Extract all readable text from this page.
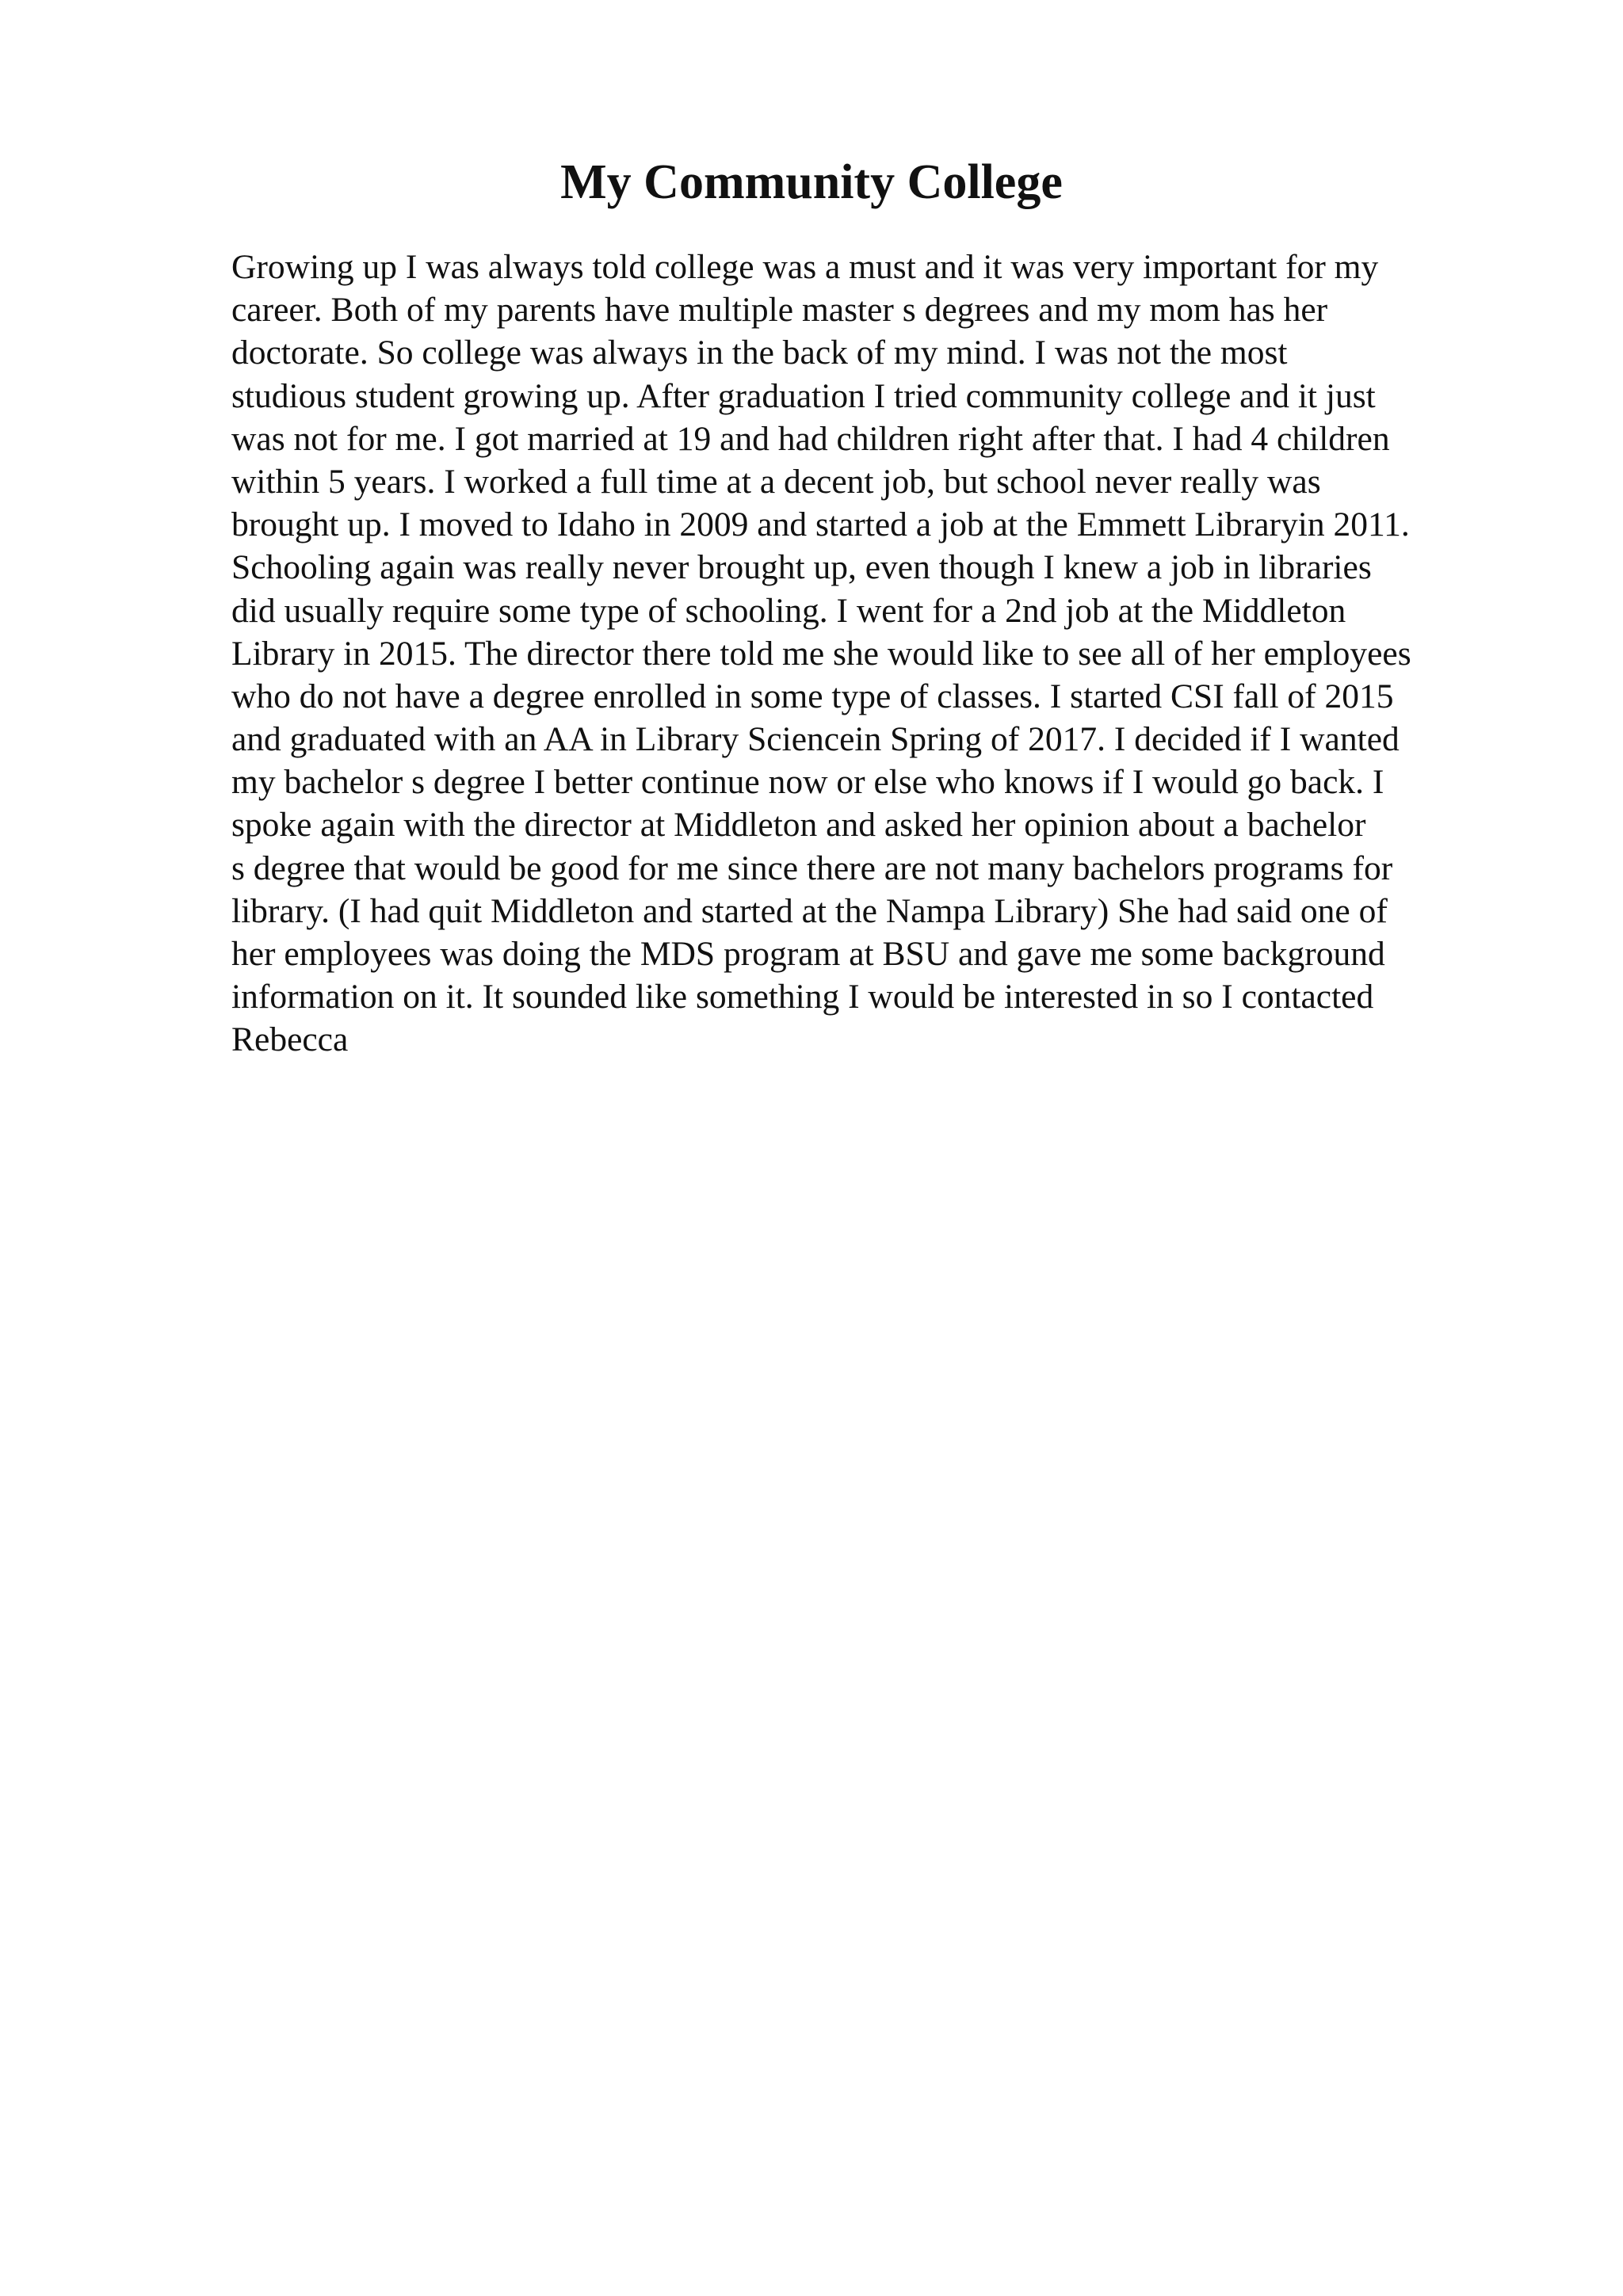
My Community College
Growing up I was always told college was a must and it was very important for my
career. Both of my parents have multiple master s degrees and my mom has her
doctorate. So college was always in the back of my mind. I was not the most
studious student growing up. After graduation I tried community college and it just
was not for me. I got married at 19 and had children right after that. I had 4 children
within 5 years. I worked a full time at a decent job, but school never really was
brought up. I moved to Idaho in 2009 and started a job at the Emmett Libraryin 2011.
Schooling again was really never brought up, even though I knew a job in libraries
did usually require some type of schooling. I went for a 2nd job at the Middleton
Library in 2015. The director there told me she would like to see all of her employees
who do not have a degree enrolled in some type of classes. I started CSI fall of 2015
and graduated with an AA in Library Sciencein Spring of 2017. I decided if I wanted
my bachelor s degree I better continue now or else who knows if I would go back. I
spoke again with the director at Middleton and asked her opinion about a bachelor
s degree that would be good for me since there are not many bachelors programs for
library. (I had quit Middleton and started at the Nampa Library) She had said one of
her employees was doing the MDS program at BSU and gave me some background
information on it. It sounded like something I would be interested in so I contacted
Rebecca
